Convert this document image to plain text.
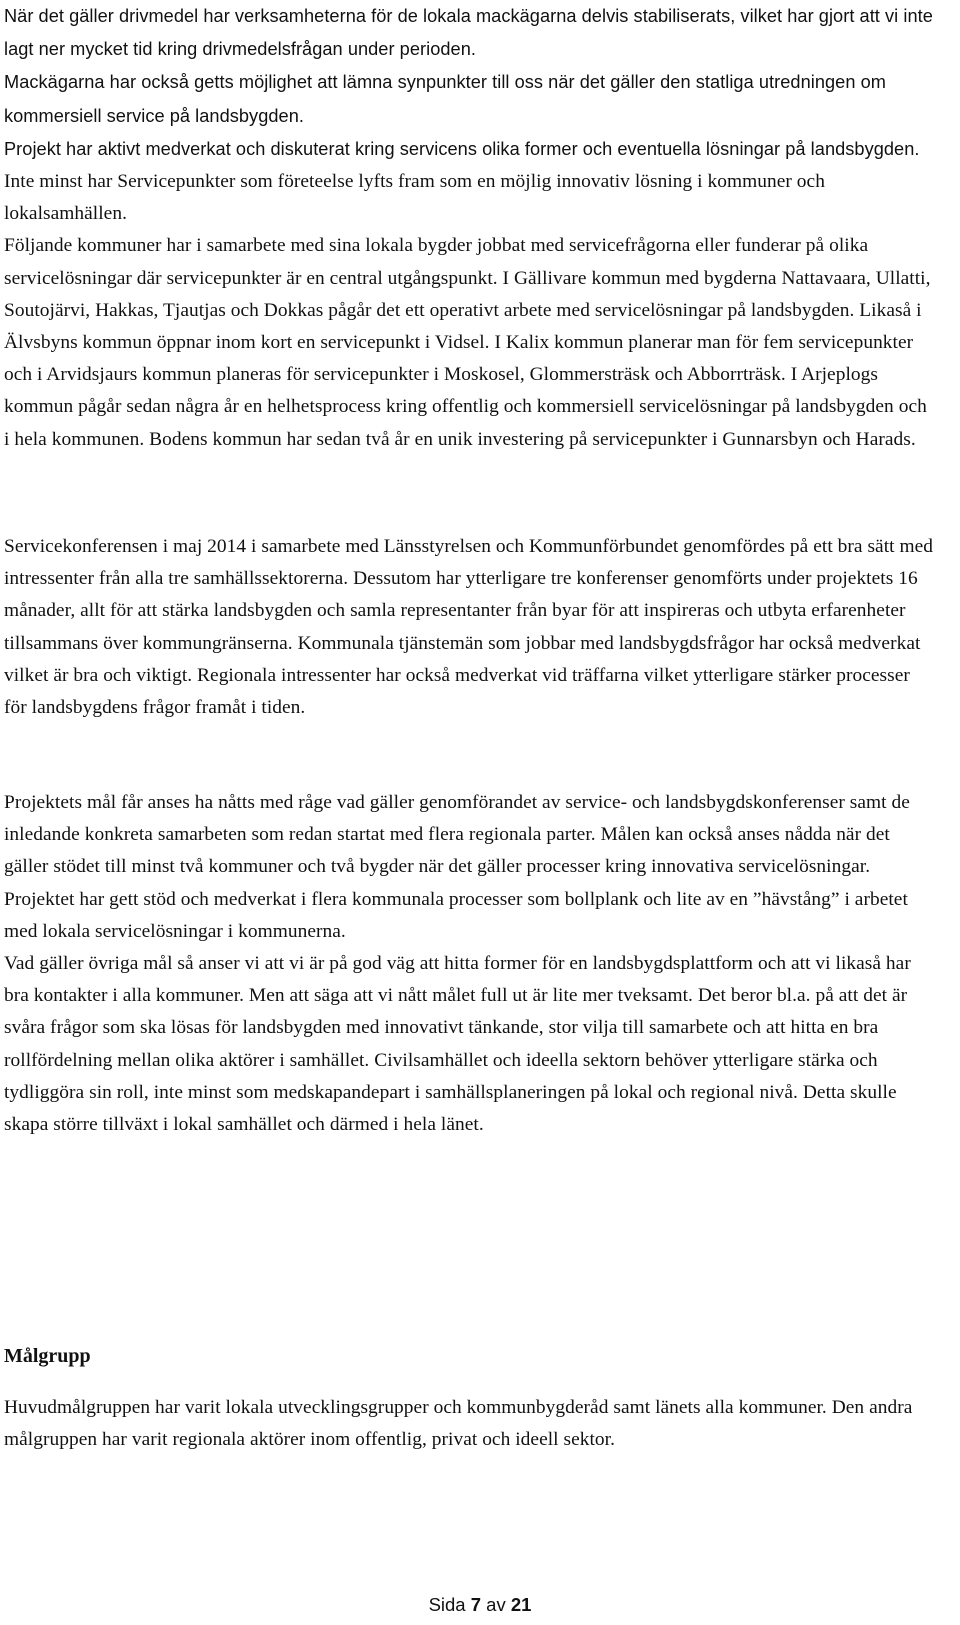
När det gäller drivmedel har verksamheterna för de lokala mackägarna delvis stabiliserats, vilket har gjort att vi inte lagt ner mycket tid kring drivmedelsfrågan under perioden.
Mackägarna har också getts möjlighet att lämna synpunkter till oss när det gäller den statliga utredningen om kommersiell service på landsbygden.
Projekt har aktivt medverkat och diskuterat kring servicens olika former och eventuella lösningar på landsbygden. Inte minst har Servicepunkter som företeelse lyfts fram som en möjlig innovativ lösning i kommuner och lokalsamhällen.
Följande kommuner har i samarbete med sina lokala bygder jobbat med servicefrågorna eller funderar på olika servicelösningar där servicepunkter är en central utgångspunkt. I Gällivare kommun med bygderna Nattavaara, Ullatti, Soutojärvi, Hakkas, Tjautjas och Dokkas pågår det ett operativt arbete med servicelösningar på landsbygden. Likaså i Älvsbyns kommun öppnar inom kort en servicepunkt i Vidsel. I Kalix kommun planerar man för fem servicepunkter och i Arvidsjaurs kommun planeras för servicepunkter i Moskosel, Glommersträsk och Abborrträsk. I Arjeplogs kommun pågår sedan några år en helhetsprocess kring offentlig och kommersiell servicelösningar på landsbygden och i hela kommunen. Bodens kommun har sedan två år en unik investering på servicepunkter i Gunnarsbyn och Harads.

Servicekonferensen i maj 2014 i samarbete med Länsstyrelsen och Kommunförbundet genomfördes på ett bra sätt med intressenter från alla tre samhällssektorerna. Dessutom har ytterligare tre konferenser genomförts under projektets 16 månader, allt för att stärka landsbygden och samla representanter från byar för att inspireras och utbyta erfarenheter tillsammans över kommungränserna. Kommunala tjänstemän som jobbar med landsbygdsfrågor har också medverkat vilket är bra och viktigt. Regionala intressenter har också medverkat vid träffarna vilket ytterligare stärker processer för landsbygdens frågor framåt i tiden.

Projektets mål får anses ha nåtts med råge vad gäller genomförandet av service- och landsbygdskonferenser samt de inledande konkreta samarbeten som redan startat med flera regionala parter. Målen kan också anses nådda när det gäller stödet till minst två kommuner och två bygder när det gäller processer kring innovativa servicelösningar. Projektet har gett stöd och medverkat i flera kommunala processer som bollplank och lite av en ”hävstång” i arbetet med lokala servicelösningar i kommunerna.
Vad gäller övriga mål så anser vi att vi är på god väg att hitta former för en landsbygdsplattform och att vi likaså har bra kontakter i alla kommuner. Men att säga att vi nått målet full ut är lite mer tveksamt. Det beror bl.a. på att det är svåra frågor som ska lösas för landsbygden med innovativt tänkande, stor vilja till samarbete och att hitta en bra rollfördelning mellan olika aktörer i samhället. Civilsamhället och ideella sektorn behöver ytterligare stärka och tydliggöra sin roll, inte minst som medskapandepart i samhällsplaneringen på lokal och regional nivå. Detta skulle skapa större tillväxt i lokal samhället och därmed i hela länet.
Målgrupp

Huvudmålgruppen har varit lokala utvecklingsgrupper och kommunbygderåd samt länets alla kommuner. Den andra målgruppen har varit regionala aktörer inom offentlig, privat och ideell sektor.

Sida 7 av 21
